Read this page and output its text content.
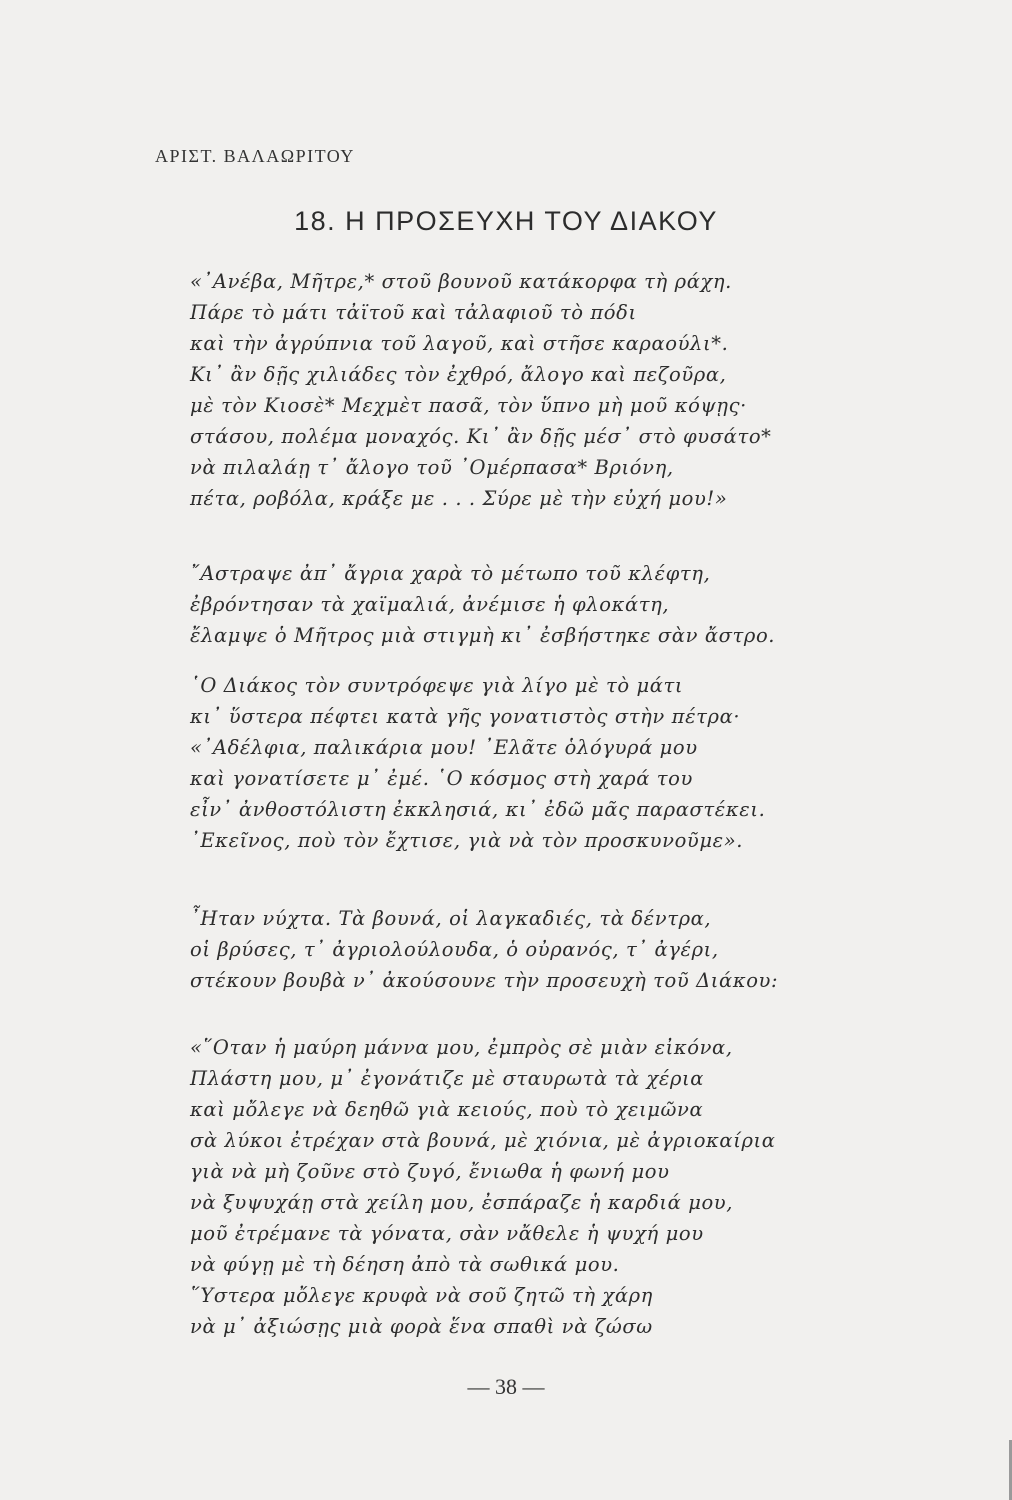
ΑΡΙΣΤ. ΒΑΛΑΩΡΙΤΟΥ
18. Η ΠΡΟΣΕΥΧΗ ΤΟΥ ΔΙΑΚΟΥ
«᾿Ανέβα, Μῆτρε,* στοῦ βουνοῦ κατάκορφα τὴ ράχη.
Πάρε τὸ μάτι τἀϊτοῦ καὶ τἀλαφιοῦ τὸ πόδι
καὶ τὴν ἀγρύπνια τοῦ λαγοῦ, καὶ στῆσε καραούλι*.
Κι᾿ ἂν δῇς χιλιάδες τὸν ἐχθρό, ἄλογο καὶ πεζοῦρα,
μὲ τὸν Κιοσὲ* Μεχμὲτ πασᾶ, τὸν ὕπνο μὴ μοῦ κόψῃς·
στάσου, πολέμα μοναχός. Κι᾿ ἂν δῇς μέσ᾿ στὸ φυσάτο*
νὰ πιλαλάῃ τ᾿ ἄλογο τοῦ ᾿Ομέρπασα* Βριόνη,
πέτα, ροβόλα, κράξε με . . . Σύρε μὲ τὴν εὐχή μου!»
῎Αστραψε ἀπ᾿ ἄγρια χαρὰ τὸ μέτωπο τοῦ κλέφτη,
ἐβρόντησαν τὰ χαϊμαλιά, ἀνέμισε ἡ φλοκάτη,
ἔλαμψε ὁ Μῆτρος μιὰ στιγμὴ κι᾿ ἐσβήστηκε σὰν ἄστρο.
῾Ο Διάκος τὸν συντρόφεψε γιὰ λίγο μὲ τὸ μάτι
κι᾿ ὕστερα πέφτει κατὰ γῆς γονατιστὸς στὴν πέτρα·
«᾿Αδέλφια, παλικάρια μου! ᾿Ελᾶτε ὁλόγυρά μου
καὶ γονατίσετε μ᾿ ἐμέ. ῾Ο κόσμος στὴ χαρά του
εἶν᾿ ἀνθοστόλιστη ἐκκλησιά, κι᾿ ἐδῶ μᾶς παραστέκει.
᾿Εκεῖνος, ποὺ τὸν ἔχτισε, γιὰ νὰ τὸν προσκυνοῦμε».
῏Ηταν νύχτα. Τὰ βουνά, οἱ λαγκαδιές, τὰ δέντρα,
οἱ βρύσες, τ᾿ ἀγριολούλουδα, ὁ οὐρανός, τ᾿ ἀγέρι,
στέκουν βουβὰ ν᾿ ἀκούσουνε τὴν προσευχὴ τοῦ Διάκου:
«῞Οταν ἡ μαύρη μάννα μου, ἐμπρὸς σὲ μιὰν εἰκόνα,
Πλάστη μου, μ᾿ ἐγονάτιζε μὲ σταυρωτὰ τὰ χέρια
καὶ μὄλεγε νὰ δεηθῶ γιὰ κειούς, ποὺ τὸ χειμῶνα
σὰ λύκοι ἐτρέχαν στὰ βουνά, μὲ χιόνια, μὲ ἀγριοκαίρια
γιὰ νὰ μὴ ζοῦνε στὸ ζυγό, ἔνιωθα ἡ φωνή μου
νὰ ξυψυχάῃ στὰ χείλη μου, ἐσπάραζε ἡ καρδιά μου,
μοῦ ἐτρέμανε τὰ γόνατα, σὰν νἄθελε ἡ ψυχή μου
νὰ φύγῃ μὲ τὴ δέηση ἀπὸ τὰ σωθικά μου.
῞Υστερα μὄλεγε κρυφὰ νὰ σοῦ ζητῶ τὴ χάρη
νὰ μ᾿ ἀξιώσῃς μιὰ φορὰ ἕνα σπαθὶ νὰ ζώσω
— 38 —
